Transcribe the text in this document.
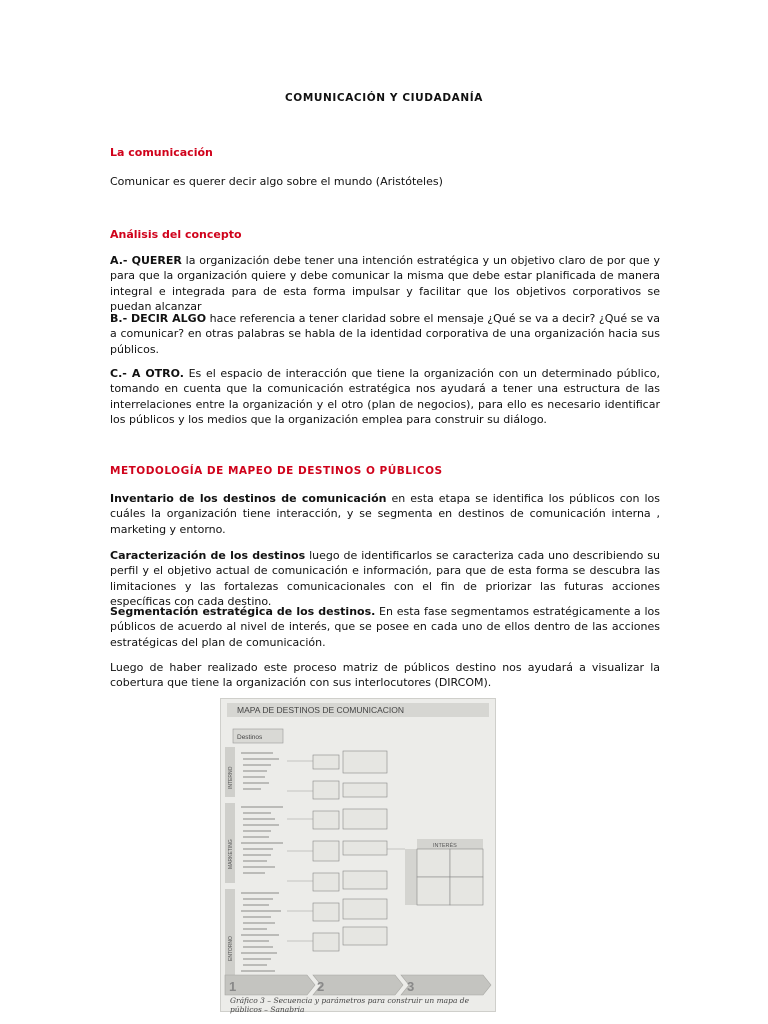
COMUNICACIÓN Y CIUDADANÍA
La comunicación
Comunicar es querer decir algo sobre el mundo (Aristóteles)
Análisis del concepto
A.- QUERER la organización debe tener una intención estratégica y un objetivo claro de por que y para que la organización quiere y debe comunicar la misma que debe estar planificada de manera integral e integrada para de esta forma impulsar y facilitar que los objetivos corporativos se puedan alcanzar
B.- DECIR ALGO hace referencia a tener claridad sobre el mensaje ¿Qué se va a decir? ¿Qué se va a comunicar? en otras palabras se habla de la identidad corporativa de una organización hacia sus públicos.
C.- A OTRO. Es el espacio de interacción que tiene la organización con un determinado público, tomando en cuenta que la comunicación estratégica nos ayudará a tener una estructura de las interrelaciones entre la organización y el otro (plan de negocios), para ello es necesario identificar los públicos y los medios que la organización emplea para construir su diálogo.
METODOLOGÍA DE MAPEO DE DESTINOS O PÚBLICOS
Inventario de los destinos de comunicación en esta etapa se identifica los públicos con los cuáles la organización tiene interacción, y se segmenta en destinos de comunicación interna , marketing y entorno.
Caracterización de los destinos luego de identificarlos se caracteriza cada uno describiendo su perfil y el objetivo actual de comunicación e información, para que de esta forma se descubra las limitaciones y las fortalezas comunicacionales con el fin de priorizar las futuras acciones específicas con cada destino.
Segmentación estratégica de los destinos. En esta fase segmentamos estratégicamente a los públicos de acuerdo al nivel de interés, que se posee en cada uno de ellos dentro de las acciones estratégicas del plan de comunicación.
Luego de haber realizado este proceso matriz de públicos destino nos ayudará a visualizar la cobertura que tiene la organización con sus interlocutores (DIRCOM).
MAPA DE DESTINOS DE COMUNICACION
Destinos
INTERNO
MARKETING
ENTORNO
INTERÉS
1	2	3
Gráfico 3 – Secuencia y parámetros para construir un mapa de públicos – Sanabria
